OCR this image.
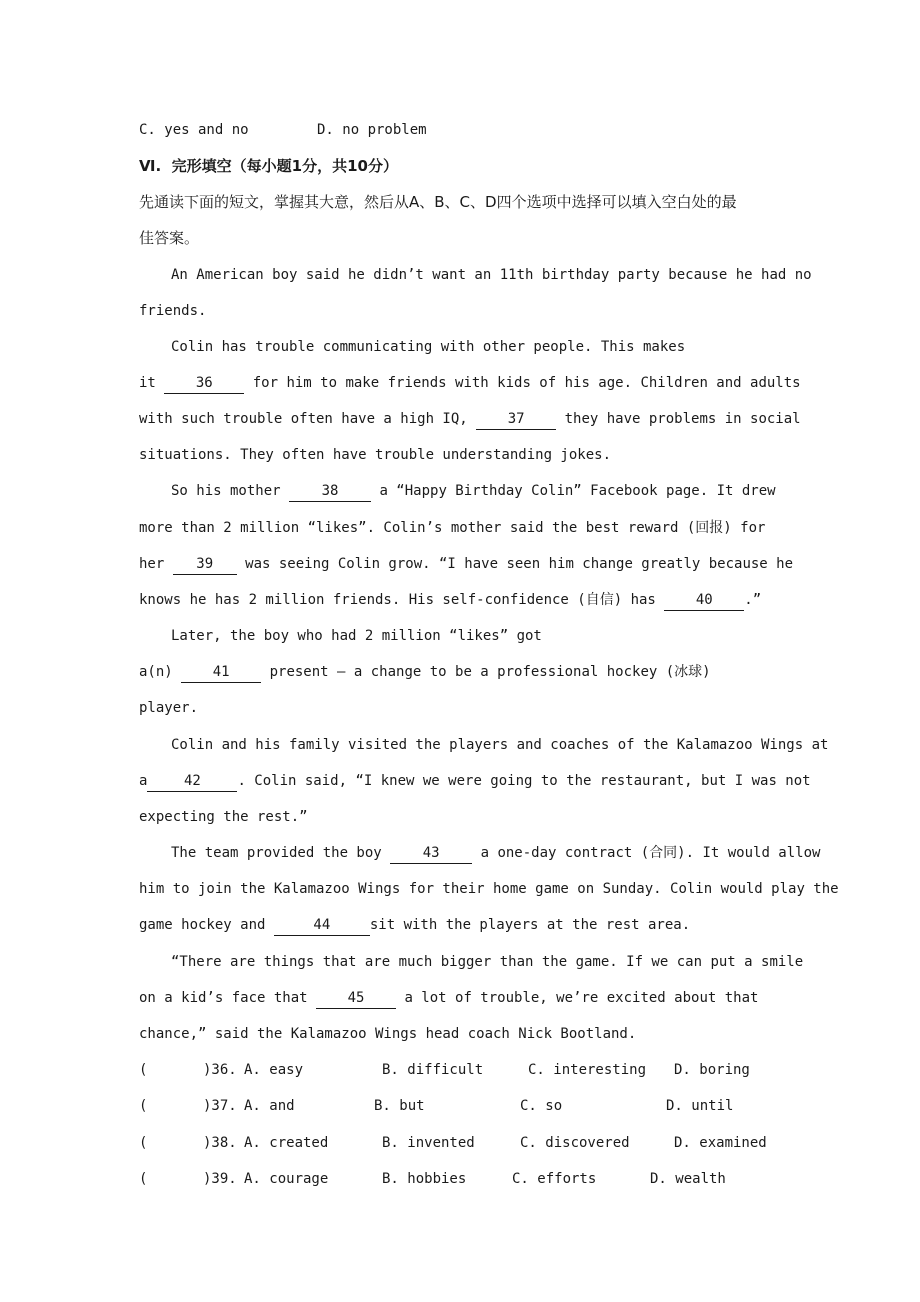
C. yes and no	D. no problem
Ⅵ.  完形填空（每小题1分，共10分）
先通读下面的短文，掌握其大意，然后从A、B、C、D四个选项中选择可以填入空白处的最
佳答案。
An American boy said he didn’t want an 11th birthday party because he had no
friends.
Colin has trouble communicating with other people. This makes
it 36 for him to make friends with kids of his age. Children and adults
with such trouble often have a high IQ, 37 they have problems in social
situations. They often have trouble understanding jokes.
So his mother 38 a “Happy Birthday Colin” Facebook page. It drew
more than 2 million “likes”. Colin’s mother said the best reward (回报) for
her 39 was seeing Colin grow. “I have seen him change greatly because he
knows he has 2 million friends. His self-confidence (自信) has 40 .”
Later, the boy who had 2 million “likes” got
a(n) 41 present — a change to be a professional hockey (冰球)
player.
Colin and his family visited the players and coaches of the Kalamazoo Wings at
a	42	. Colin said, “I knew we were going to the restaurant, but I was not
expecting the rest.”
The team provided the boy 43 a one-day contract (合同). It would allow
him to join the Kalamazoo Wings for their home game on Sunday. Colin would play the
game hockey and	44	sit with the players at the rest area.
“There are things that are much bigger than the game. If we can put a smile
on a kid’s face that 45 a lot of trouble, we’re excited about that
chance,” said the Kalamazoo Wings head coach Nick Bootland.
(	)36. A. easy	B. difficult	C. interesting D. boring
(	)37. A. and	B. but	C. so	D. until
(	)38. A. created	B. invented	C. discovered	D. examined
(	)39. A. courage	B. hobbies	C. efforts	D. wealth
